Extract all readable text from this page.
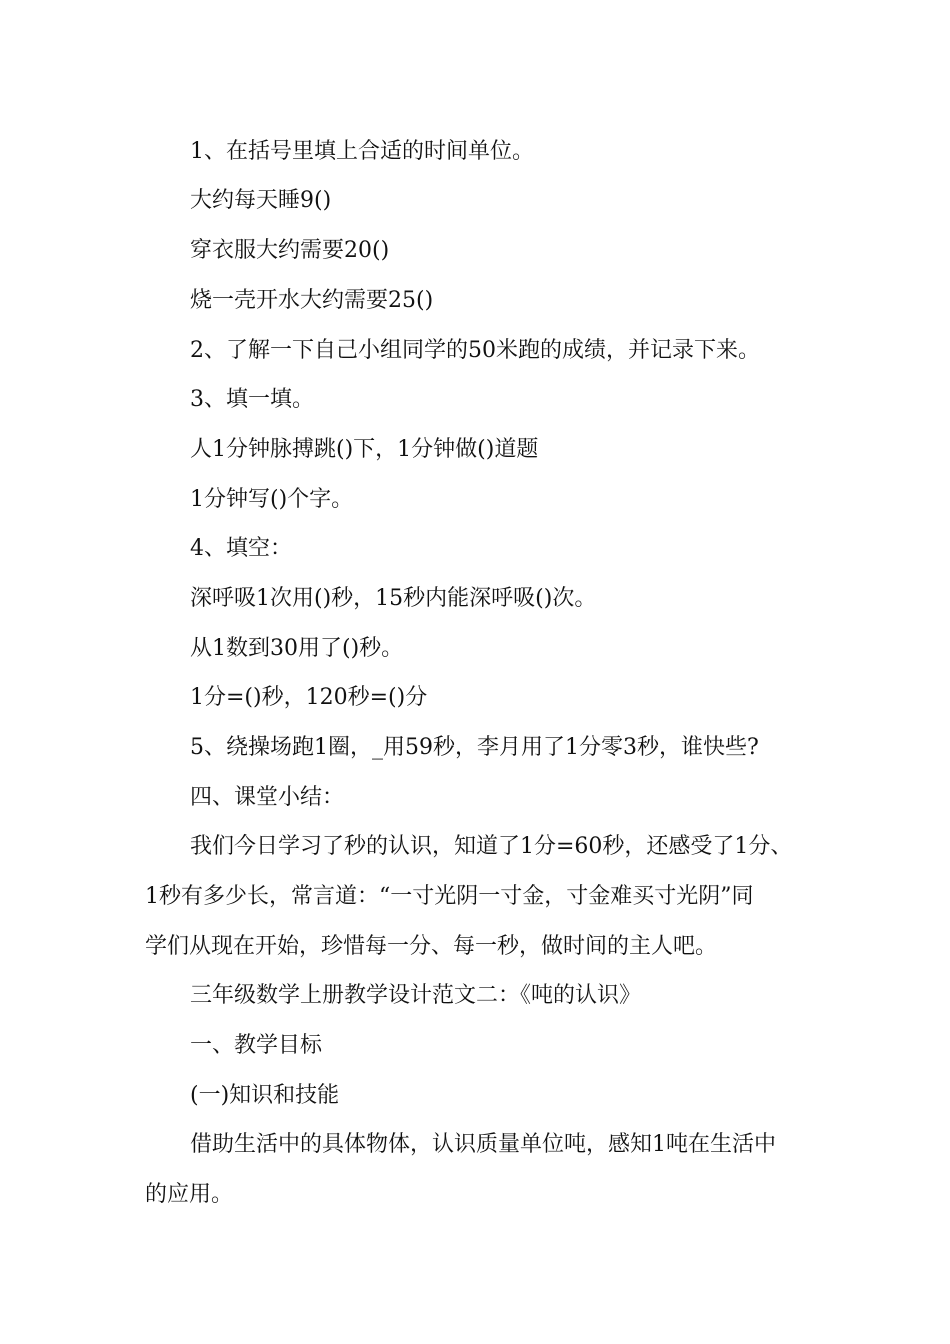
1、在括号里填上合适的时间单位。

大约每天睡9()

穿衣服大约需要20()

烧一壳开水大约需要25()

2、了解一下自己小组同学的50米跑的成绩，并记录下来。

3、填一填。

人1分钟脉搏跳()下，1分钟做()道题

1分钟写()个字。

4、填空：

深呼吸1次用()秒，15秒内能深呼吸()次。

从1数到30用了()秒。

1分=()秒，120秒=()分

5、绕操场跑1圈，_用59秒，李月用了1分零3秒，谁快些?

四、课堂小结：

我们今日学习了秒的认识，知道了1分=60秒，还感受了1分、

1秒有多少长，常言道：“一寸光阴一寸金，寸金难买寸光阴”同

学们从现在开始，珍惜每一分、每一秒，做时间的主人吧。

三年级数学上册教学设计范文二：《吨的认识》

一、教学目标

(一)知识和技能

借助生活中的具体物体，认识质量单位吨，感知1吨在生活中

的应用。
